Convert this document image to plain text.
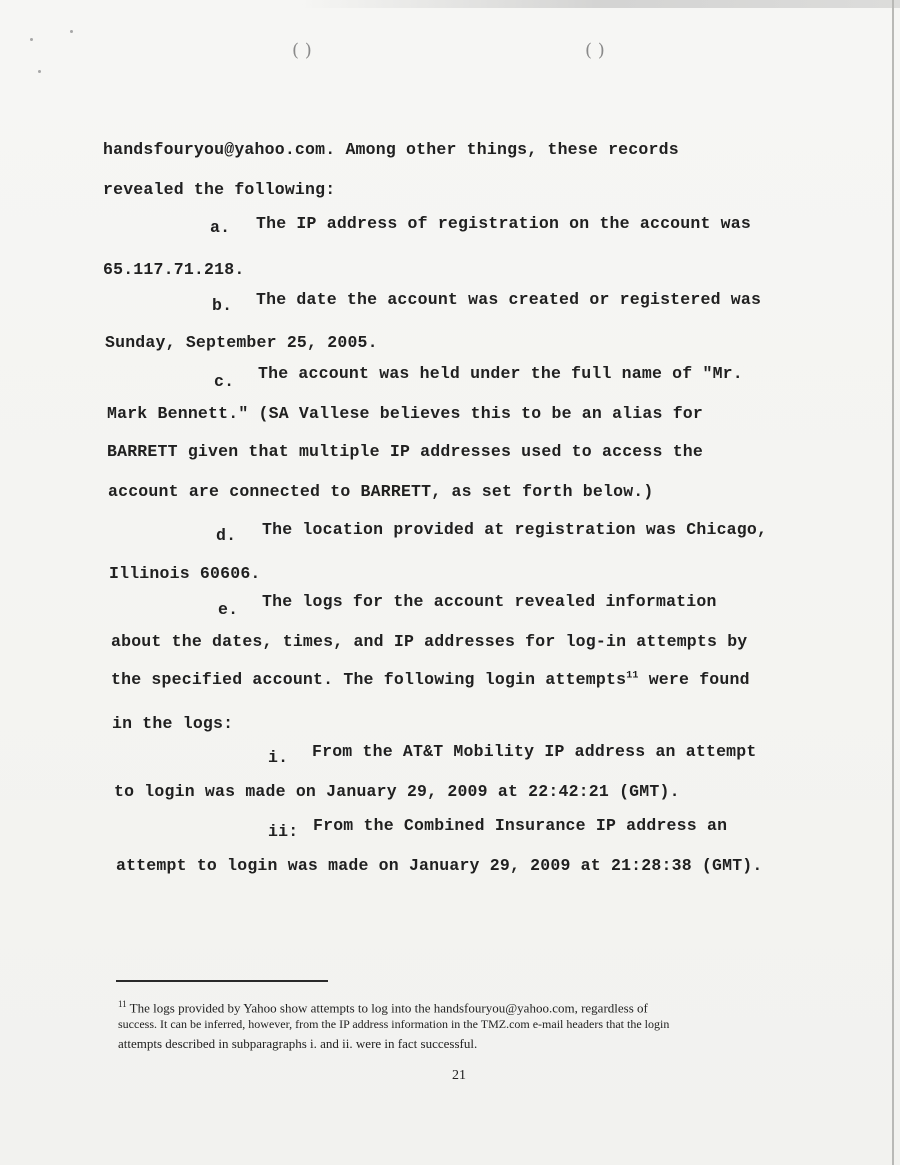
( )	( )
handsfouryou@yahoo.com. Among other things, these records
revealed the following:
a. The IP address of registration on the account was
65.117.71.218.
b. The date the account was created or registered was
Sunday, September 25, 2005.
c. The account was held under the full name of "Mr.
Mark Bennett." (SA Vallese believes this to be an alias for
BARRETT given that multiple IP addresses used to access the
account are connected to BARRETT, as set forth below.)
d. The location provided at registration was Chicago,
Illinois 60606.
e. The logs for the account revealed information
about the dates, times, and IP addresses for log-in attempts by
the specified account. The following login attempts$^{11}$ were found
in the logs:
i. From the AT&T Mobility IP address an attempt
to login was made on January 29, 2009 at 22:42:21 (GMT).
ii: From the Combined Insurance IP address an
attempt to login was made on January 29, 2009 at 21:28:38 (GMT).
$^{11}$ The logs provided by Yahoo show attempts to log into the handsfouryou@yahoo.com, regardless of
success. It can be inferred, however, from the IP address information in the TMZ.com e-mail headers that the login
attempts described in subparagraphs i. and ii. were in fact successful.
21
